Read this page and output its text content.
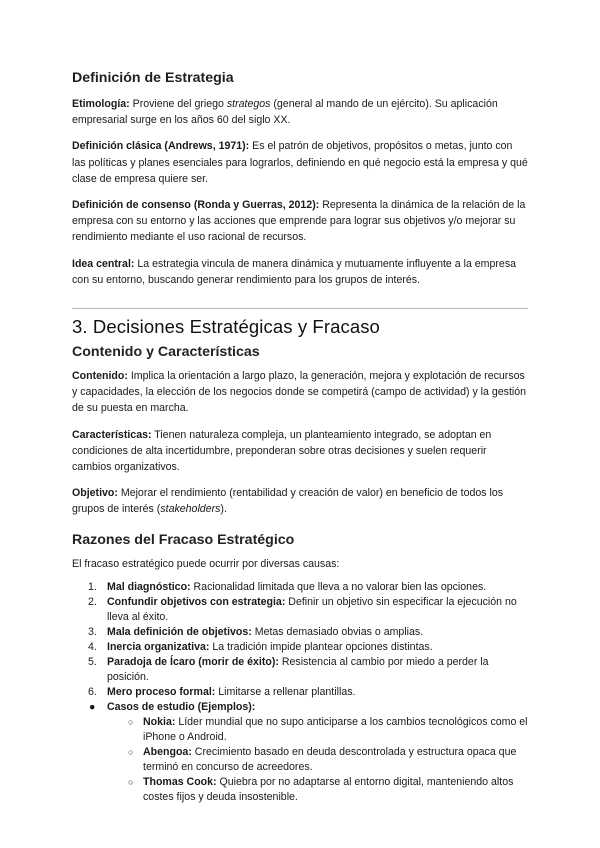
Definición de Estrategia

Etimología: Proviene del griego strategos (general al mando de un ejército). Su aplicación empresarial surge en los años 60 del siglo XX.

Definición clásica (Andrews, 1971): Es el patrón de objetivos, propósitos o metas, junto con las políticas y planes esenciales para lograrlos, definiendo en qué negocio está la empresa y qué clase de empresa quiere ser.

Definición de consenso (Ronda y Guerras, 2012): Representa la dinámica de la relación de la empresa con su entorno y las acciones que emprende para lograr sus objetivos y/o mejorar su rendimiento mediante el uso racional de recursos.

Idea central: La estrategia vincula de manera dinámica y mutuamente influyente a la empresa con su entorno, buscando generar rendimiento para los grupos de interés.

3. Decisiones Estratégicas y Fracaso
Contenido y Características

Contenido: Implica la orientación a largo plazo, la generación, mejora y explotación de recursos y capacidades, la elección de los negocios donde se competirá (campo de actividad) y la gestión de su puesta en marcha.

Características: Tienen naturaleza compleja, un planteamiento integrado, se adoptan en condiciones de alta incertidumbre, preponderan sobre otras decisiones y suelen requerir cambios organizativos.

Objetivo: Mejorar el rendimiento (rentabilidad y creación de valor) en beneficio de todos los grupos de interés (stakeholders).

Razones del Fracaso Estratégico

El fracaso estratégico puede ocurrir por diversas causas:

1. Mal diagnóstico: Racionalidad limitada que lleva a no valorar bien las opciones.
2. Confundir objetivos con estrategia: Definir un objetivo sin especificar la ejecución no lleva al éxito.
3. Mala definición de objetivos: Metas demasiado obvias o amplias.
4. Inercia organizativa: La tradición impide plantear opciones distintas.
5. Paradoja de Ícaro (morir de éxito): Resistencia al cambio por miedo a perder la posición.
6. Mero proceso formal: Limitarse a rellenar plantillas.
● Casos de estudio (Ejemplos):
○ Nokia: Líder mundial que no supo anticiparse a los cambios tecnológicos como el iPhone o Android.
○ Abengoa: Crecimiento basado en deuda descontrolada y estructura opaca que terminó en concurso de acreedores.
○ Thomas Cook: Quiebra por no adaptarse al entorno digital, manteniendo altos costes fijos y deuda insostenible.
